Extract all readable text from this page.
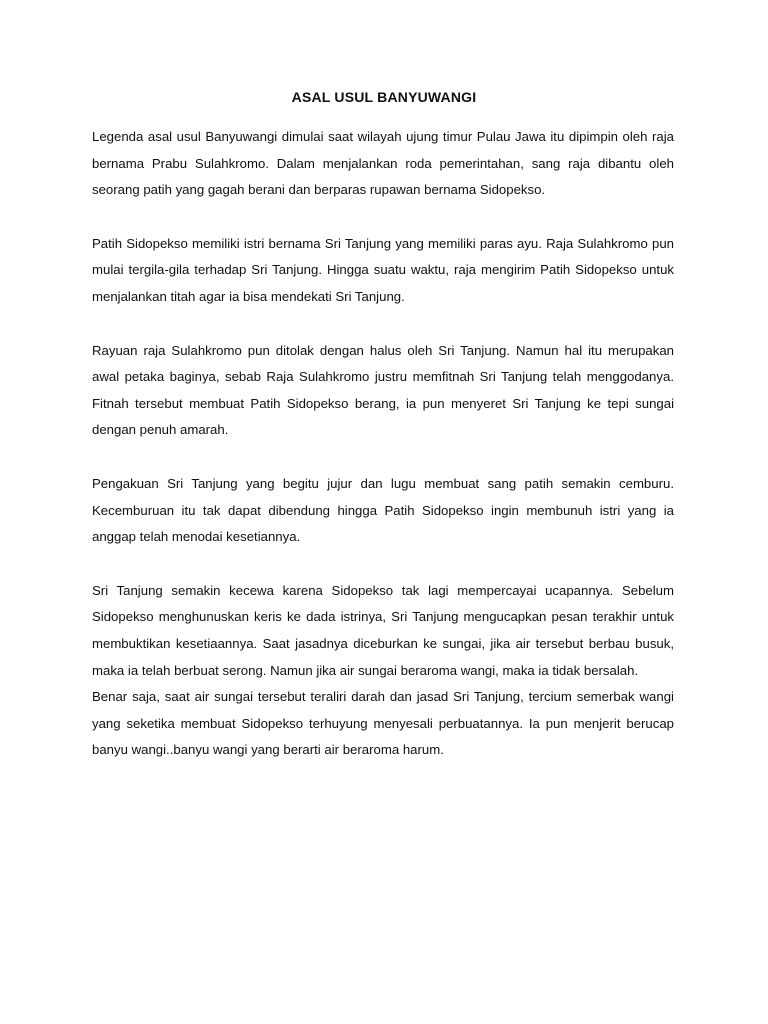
ASAL USUL BANYUWANGI

Legenda asal usul Banyuwangi dimulai saat wilayah ujung timur Pulau Jawa itu dipimpin oleh raja bernama Prabu Sulahkromo. Dalam menjalankan roda pemerintahan, sang raja dibantu oleh seorang patih yang gagah berani dan berparas rupawan bernama Sidopekso.

Patih Sidopekso memiliki istri bernama Sri Tanjung yang memiliki paras ayu. Raja Sulahkromo pun mulai tergila-gila terhadap Sri Tanjung. Hingga suatu waktu, raja mengirim Patih Sidopekso untuk menjalankan titah agar ia bisa mendekati Sri Tanjung.

Rayuan raja Sulahkromo pun ditolak dengan halus oleh Sri Tanjung. Namun hal itu merupakan awal petaka baginya, sebab Raja Sulahkromo justru memfitnah Sri Tanjung telah menggodanya. Fitnah tersebut membuat Patih Sidopekso berang, ia pun menyeret Sri Tanjung ke tepi sungai dengan penuh amarah.

Pengakuan Sri Tanjung yang begitu jujur dan lugu membuat sang patih semakin cemburu. Kecemburuan itu tak dapat dibendung hingga Patih Sidopekso ingin membunuh istri yang ia anggap telah menodai kesetiannya.

Sri Tanjung semakin kecewa karena Sidopekso tak lagi mempercayai ucapannya. Sebelum Sidopekso menghunuskan keris ke dada istrinya, Sri Tanjung mengucapkan pesan terakhir untuk membuktikan kesetiaannya. Saat jasadnya diceburkan ke sungai, jika air tersebut berbau busuk, maka ia telah berbuat serong. Namun jika air sungai beraroma wangi, maka ia tidak bersalah.

Benar saja, saat air sungai tersebut teraliri darah dan jasad Sri Tanjung, tercium semerbak wangi yang seketika membuat Sidopekso terhuyung menyesali perbuatannya. Ia pun menjerit berucap banyu wangi..banyu wangi yang berarti air beraroma harum.
